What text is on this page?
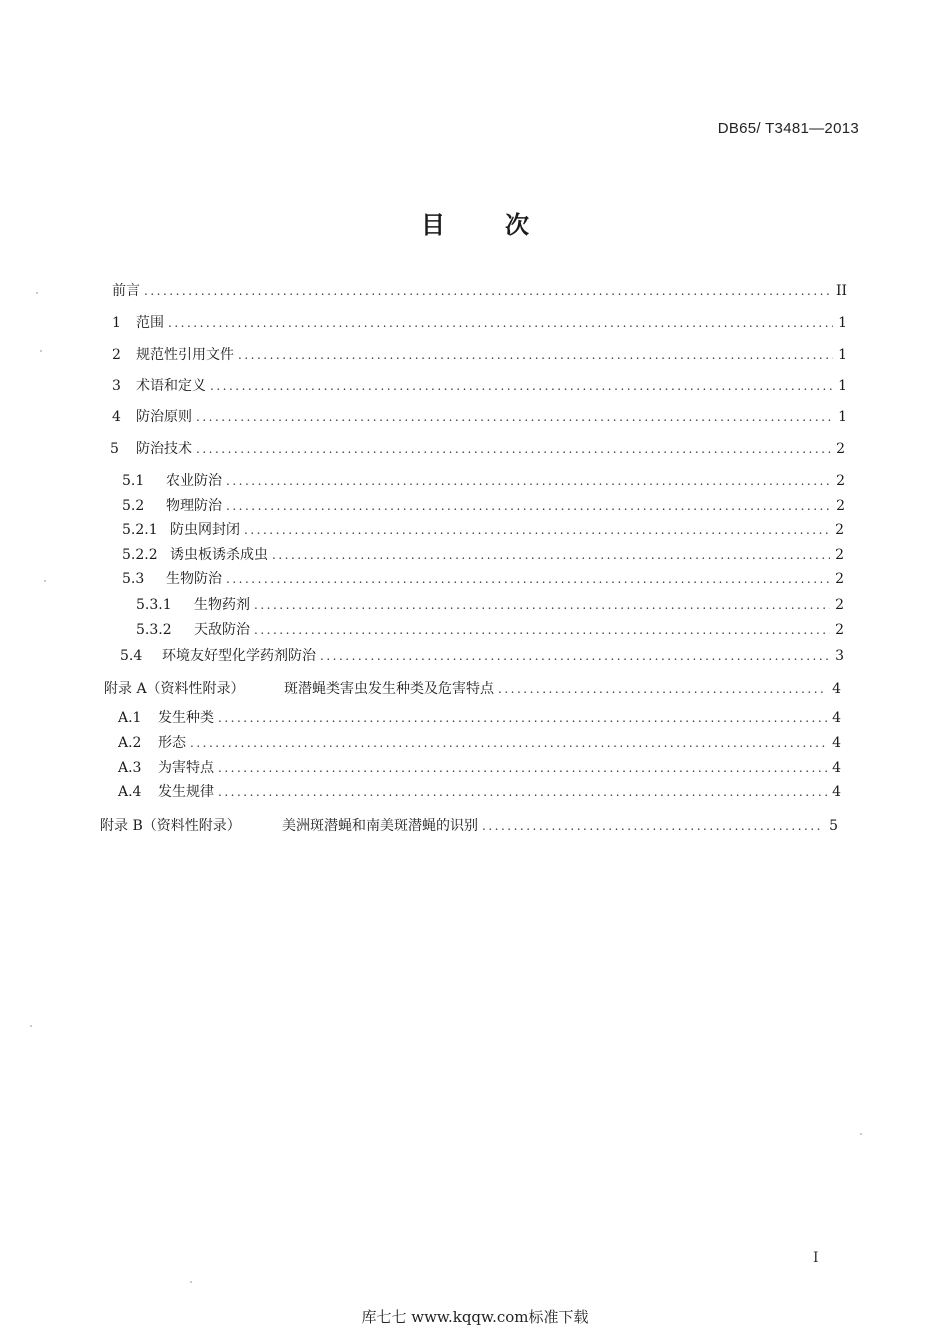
DB65/ T3481—2013
目	次
前言 .....	II
1	范围 .....	1
2	规范性引用文件 .....	1
3	术语和定义 .....	1
4	防治原则 .....	1
5	防治技术 .....	2
5.1	农业防治 .....	2
5.2	物理防治 .....	2
5.2.1 防虫网封闭 .....	2
5.2.2 诱虫板诱杀成虫 .....	2
5.3	生物防治 .....	2
5.3.1	生物药剂 .....	2
5.3.2	天敌防治 .....	2
5.4	环境友好型化学药剂防治 .....	3
附录 A（资料性附录）	斑潜蝇类害虫发生种类及危害特点 .....	4
A.1	发生种类 .....	4
A.2	形态 .....	4
A.3	为害特点 .....	4
A.4	发生规律 .....	4
附录 B（资料性附录）	美洲斑潜蝇和南美斑潜蝇的识别 .....	5
I
库七七 www.kqqw.com标准下载
